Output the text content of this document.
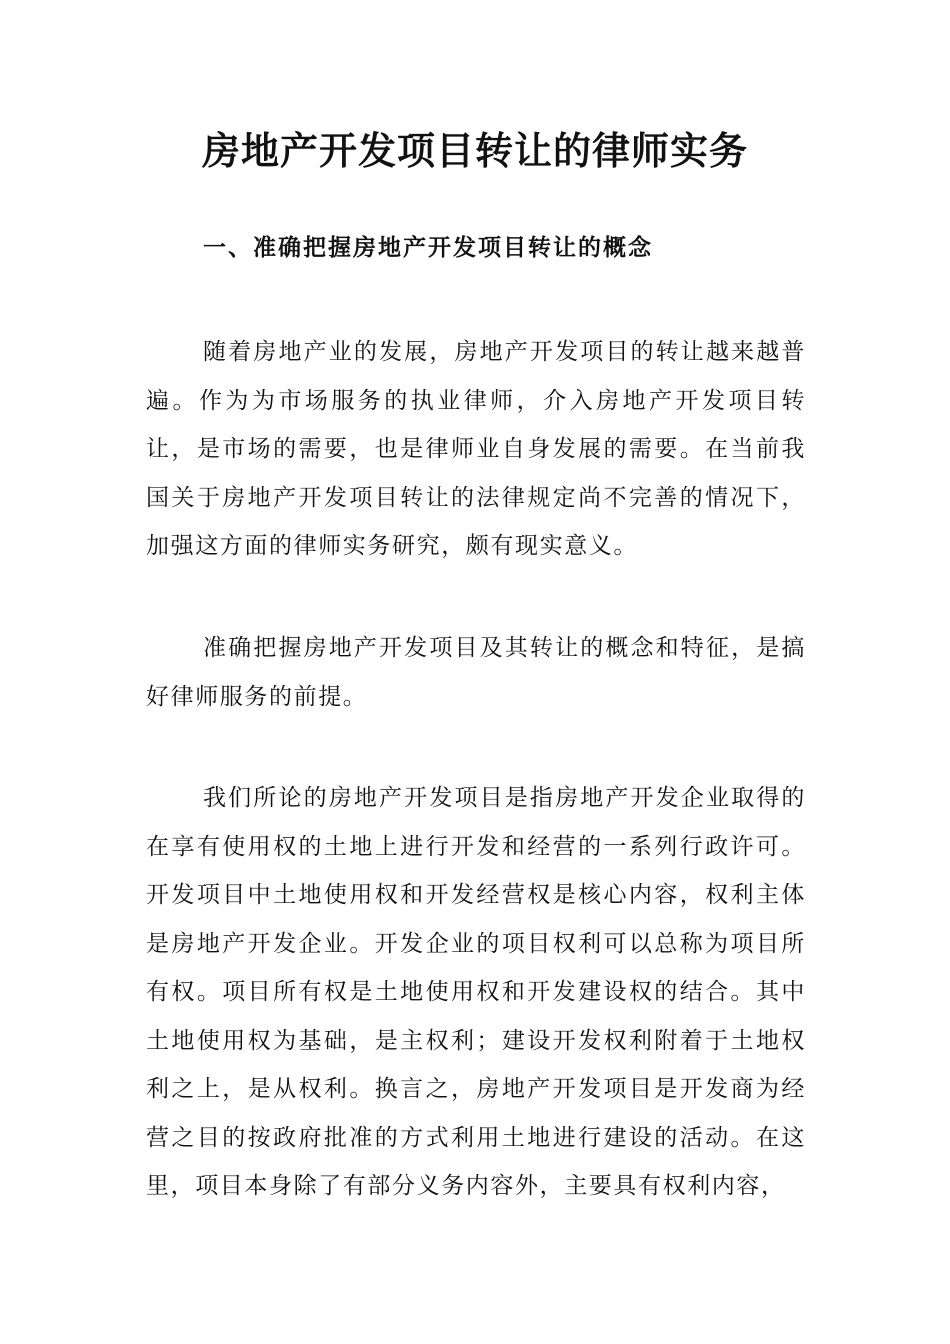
房地产开发项目转让的律师实务
一、准确把握房地产开发项目转让的概念

随着房地产业的发展，房地产开发项目的转让越来越普遍。作为为市场服务的执业律师，介入房地产开发项目转让，是市场的需要，也是律师业自身发展的需要。在当前我国关于房地产开发项目转让的法律规定尚不完善的情况下，加强这方面的律师实务研究，颇有现实意义。

准确把握房地产开发项目及其转让的概念和特征，是搞好律师服务的前提。

我们所论的房地产开发项目是指房地产开发企业取得的在享有使用权的土地上进行开发和经营的一系列行政许可。开发项目中土地使用权和开发经营权是核心内容，权利主体是房地产开发企业。开发企业的项目权利可以总称为项目所有权。项目所有权是土地使用权和开发建设权的结合。其中土地使用权为基础，是主权利；建设开发权利附着于土地权利之上，是从权利。换言之，房地产开发项目是开发商为经营之目的按政府批准的方式利用土地进行建设的活动。在这里，项目本身除了有部分义务内容外，主要具有权利内容，
